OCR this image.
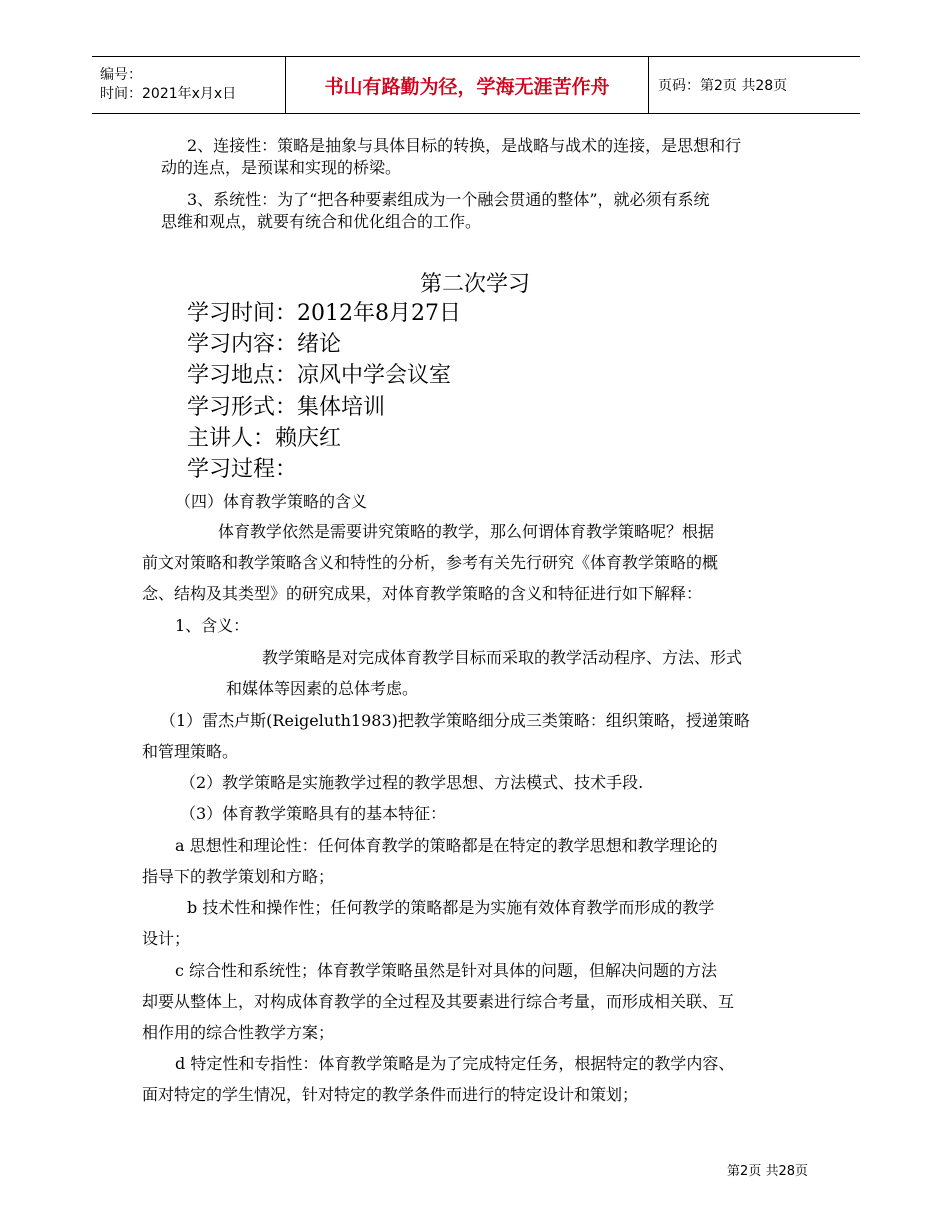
编号：
时间：2021年x月x日	书山有路勤为径，学海无涯苦作舟	页码：第2页 共28页
2、连接性：策略是抽象与具体目标的转换，是战略与战术的连接，是思想和行
动的连点，是预谋和实现的桥梁。
3、系统性：为了“把各种要素组成为一个融会贯通的整体”，就必须有系统
思维和观点，就要有统合和优化组合的工作。
第二次学习
学习时间：2012年8月27日
学习内容：绪论
学习地点：凉风中学会议室
学习形式：集体培训
主讲人：赖庆红
学习过程：
（四）体育教学策略的含义
体育教学依然是需要讲究策略的教学，那么何谓体育教学策略呢？根据
前文对策略和教学策略含义和特性的分析，参考有关先行研究《体育教学策略的概
念、结构及其类型》的研究成果，对体育教学策略的含义和特征进行如下解释：
1、含义：
教学策略是对完成体育教学目标而采取的教学活动程序、方法、形式
和媒体等因素的总体考虑。
（1）雷杰卢斯(Reigeluth1983)把教学策略细分成三类策略：组织策略，授递策略
和管理策略。
（2）教学策略是实施教学过程的教学思想、方法模式、技术手段.
（3）体育教学策略具有的基本特征：
a 思想性和理论性：任何体育教学的策略都是在特定的教学思想和教学理论的
指导下的教学策划和方略；
b 技术性和操作性；任何教学的策略都是为实施有效体育教学而形成的教学
设计；
c 综合性和系统性；体育教学策略虽然是针对具体的问题，但解决问题的方法
却要从整体上，对构成体育教学的全过程及其要素进行综合考量，而形成相关联、互
相作用的综合性教学方案；
d 特定性和专指性：体育教学策略是为了完成特定任务，根据特定的教学内容、
面对特定的学生情况，针对特定的教学条件而进行的特定设计和策划；
第2页 共28页
